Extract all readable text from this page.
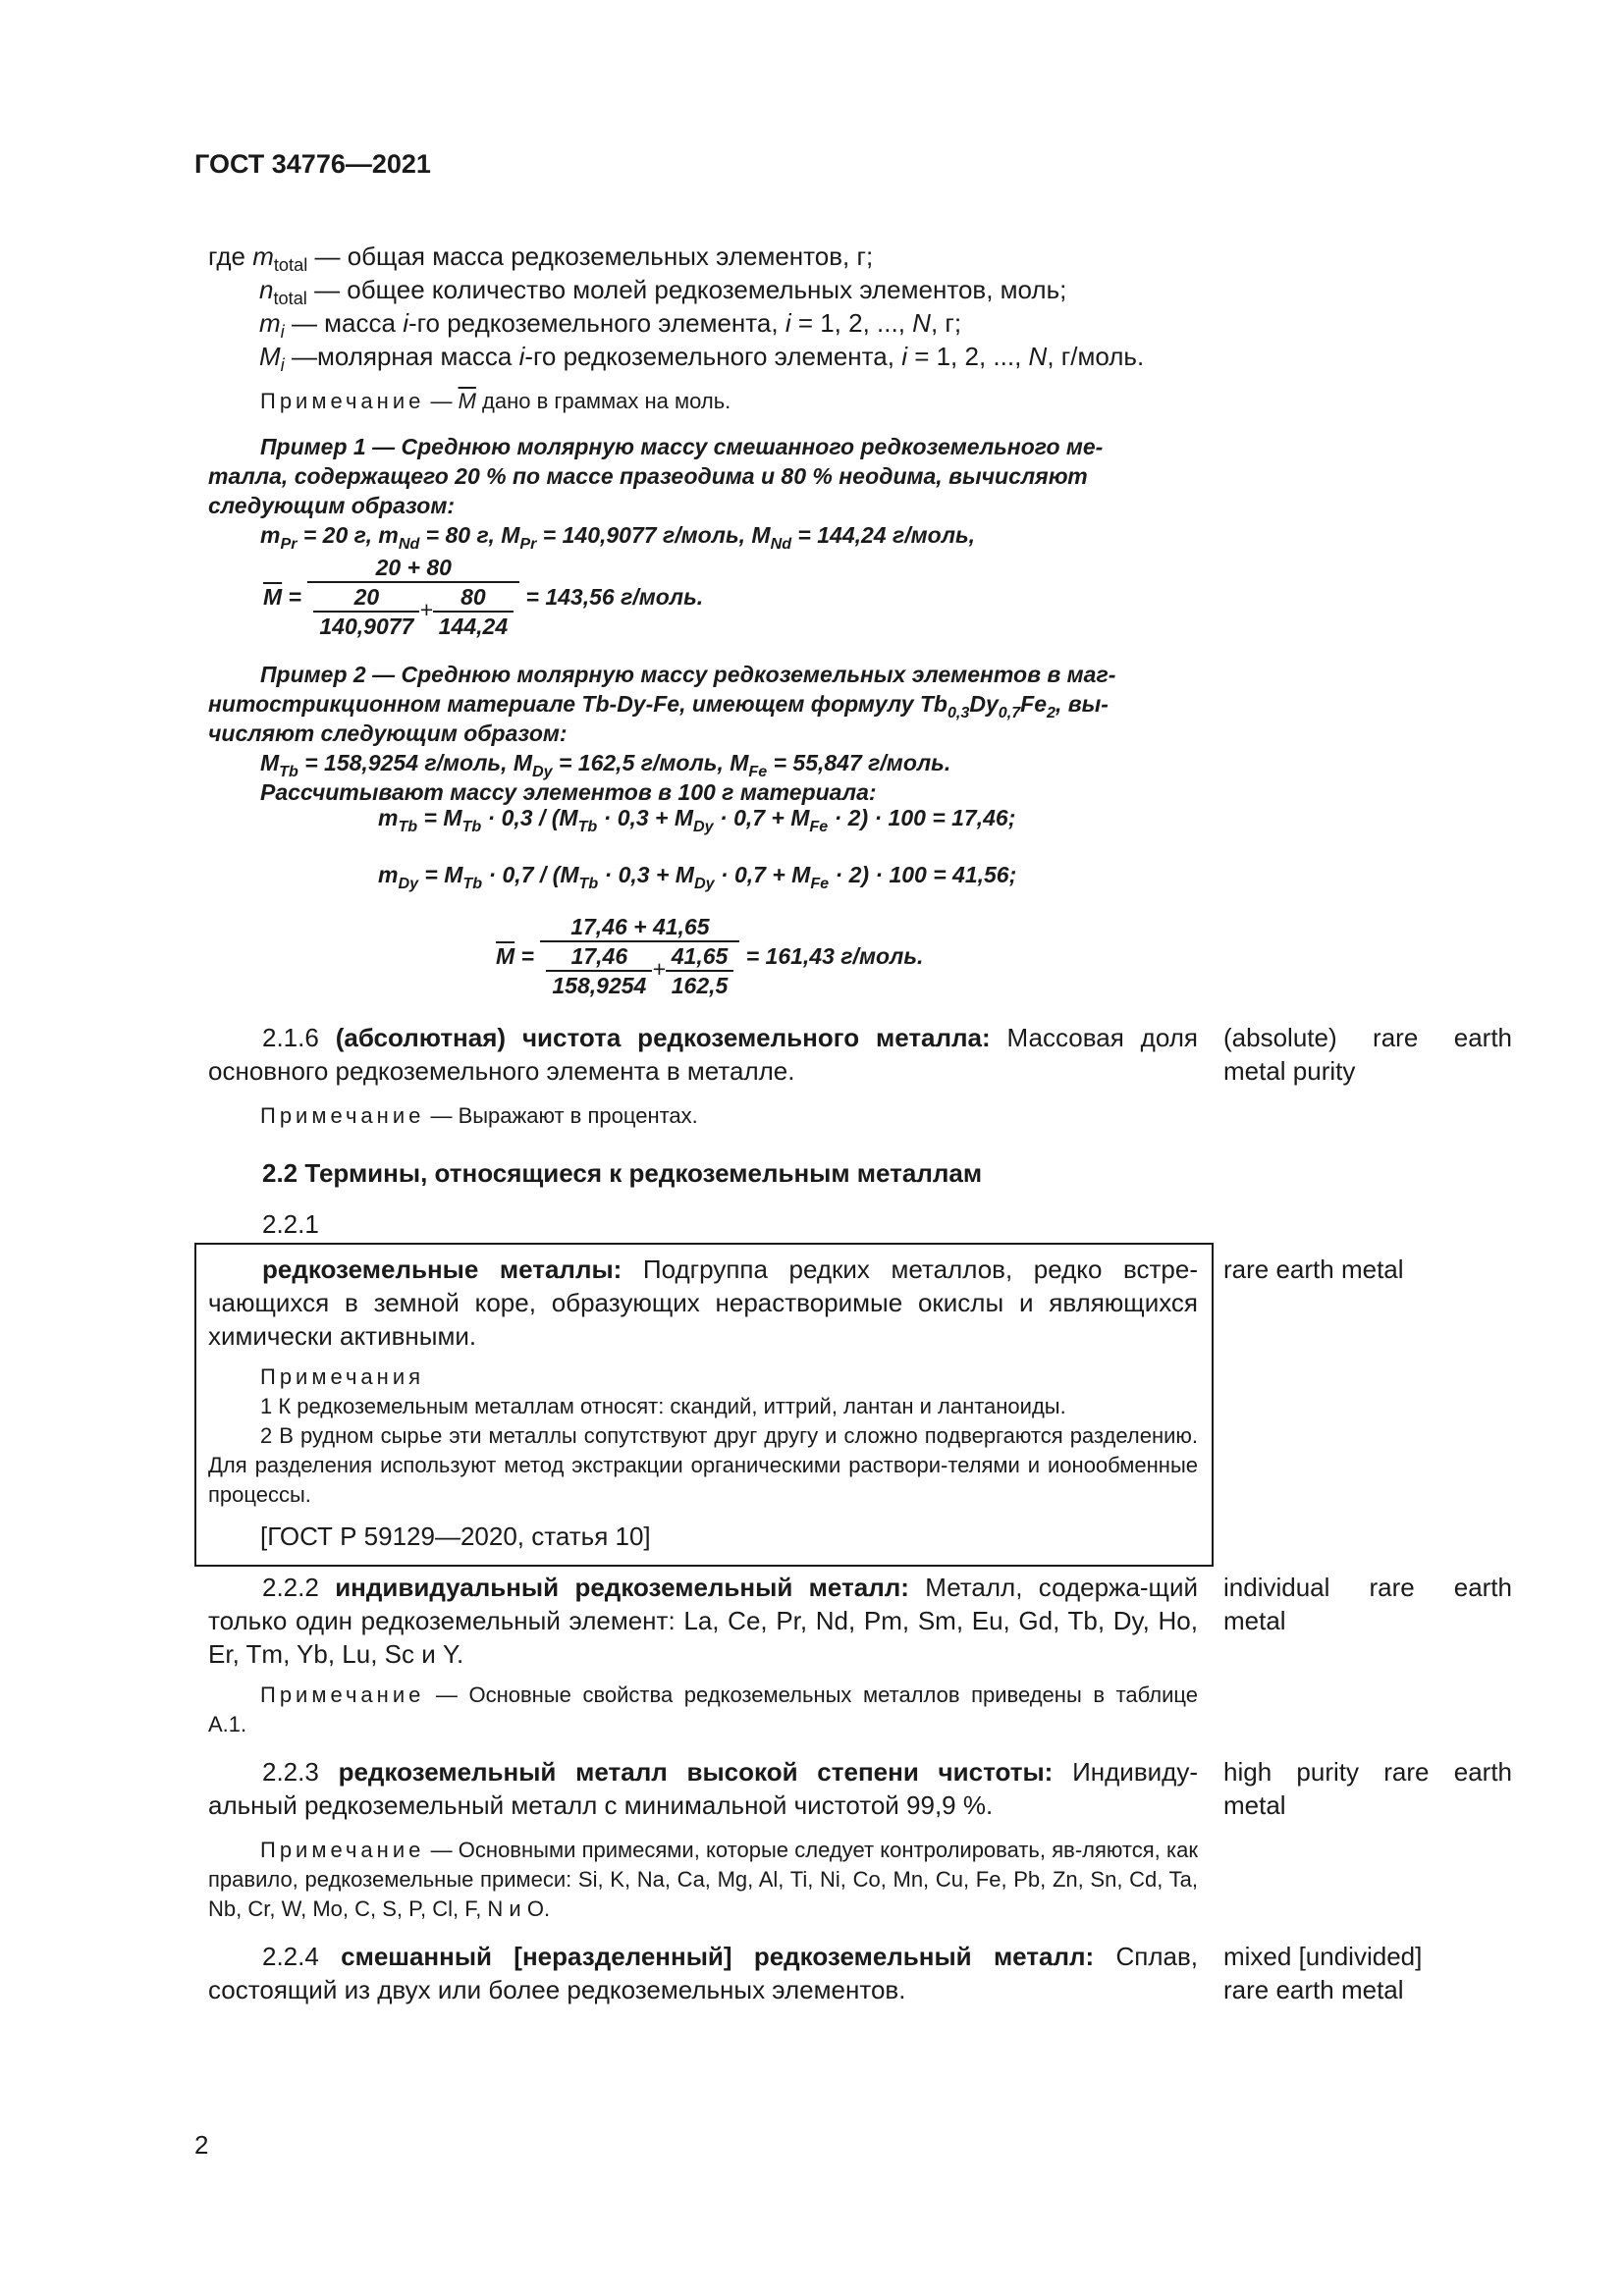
ГОСТ 34776—2021
где $m_{total}$ — общая масса редкоземельных элементов, г;
$n_{total}$ — общее количество молей редкоземельных элементов, моль;
$m_i$ — масса i-го редкоземельного элемента, i = 1, 2, ..., N, г;
$M_i$ —молярная масса i-го редкоземельного элемента, i = 1, 2, ..., N, г/моль.
Примечание — $\overline{M}$ дано в граммах на моль.
Пример 1 — Среднюю молярную массу смешанного редкоземельного ме-
талла, содержащего 20 % по массе празеодима и 80 % неодима, вычисляют
следующим образом:
$m_{Pr} = 20$ г, $m_{Nd} = 80$ г, $M_{Pr} = 140,9077$ г/моль, $M_{Nd} = 144,24$ г/моль,
$\overline{M} = \frac{20 + 80}{\frac{20}{140,9077} + \frac{80}{144,24}} = 143,56$ г/моль.
Пример 2 — Среднюю молярную массу редкоземельных элементов в маг-
нитострикционном материале Tb-Dy-Fe, имеющем формулу $Tb_{0,3}Dy_{0,7}Fe_2$, вы-
числяют следующим образом:
$M_{Tb} = 158,9254$ г/моль, $M_{Dy} = 162,5$ г/моль, $M_{Fe} = 55,847$ г/моль.
Рассчитывают массу элементов в 100 г материала:
$m_{Tb} = M_{Tb} \cdot 0,3 / (M_{Tb} \cdot 0,3 + M_{Dy} \cdot 0,7 + M_{Fe} \cdot 2) \cdot 100 = 17,46$;
$m_{Dy} = M_{Tb} \cdot 0,7 / (M_{Tb} \cdot 0,3 + M_{Dy} \cdot 0,7 + M_{Fe} \cdot 2) \cdot 100 = 41,56$;
$\overline{M} = \frac{17,46 + 41,65}{\frac{17,46}{158,9254} + \frac{41,65}{162,5}} = 161,43$ г/моль.
2.1.6 (абсолютная) чистота редкоземельного металла: Массовая доля основного редкоземельного элемента в металле.
(absolute) rare earth
metal purity
Примечание — Выражают в процентах.
2.2 Термины, относящиеся к редкоземельным металлам
2.2.1
редкоземельные металлы: Подгруппа редких металлов, редко встре-чающихся в земной коре, образующих нерастворимые окислы и являющихся химически активными.
rare earth metal
Примечания
1 К редкоземельным металлам относят: скандий, иттрий, лантан и лантаноиды.
2 В рудном сырье эти металлы сопутствуют друг другу и сложно подвергаются разделению. Для разделения используют метод экстракции органическими раствори-телями и ионообменные процессы.
[ГОСТ Р 59129—2020, статья 10]
2.2.2 индивидуальный редкоземельный металл: Металл, содержа-щий только один редкоземельный элемент: La, Ce, Pr, Nd, Pm, Sm, Eu, Gd, Tb, Dy, Ho, Er, Tm, Yb, Lu, Sc и Y.
individual rare earth
metal
Примечание — Основные свойства редкоземельных металлов приведены в таблице А.1.
2.2.3 редкоземельный металл высокой степени чистоты: Индивиду-альный редкоземельный металл с минимальной чистотой 99,9 %.
high purity rare earth
metal
Примечание — Основными примесями, которые следует контролировать, яв-ляются, как правило, редкоземельные примеси: Si, K, Na, Ca, Mg, Al, Ti, Ni, Co, Mn, Cu, Fe, Pb, Zn, Sn, Cd, Ta, Nb, Cr, W, Mo, C, S, P, Cl, F, N и O.
2.2.4 смешанный [неразделенный] редкоземельный металл: Сплав, состоящий из двух или более редкоземельных элементов.
mixed [undivided]
rare earth metal
2
